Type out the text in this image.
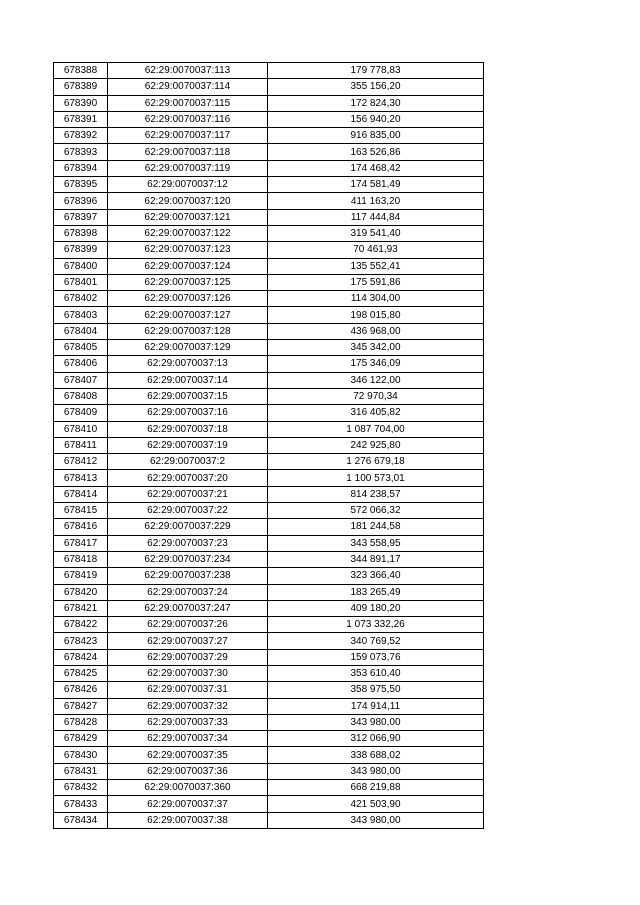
678388	62:29:0070037:113	179 778,83
678389	62:29:0070037:114	355 156,20
678390	62:29:0070037:115	172 824,30
678391	62:29:0070037:116	156 940,20
678392	62:29:0070037:117	916 835,00
678393	62:29:0070037:118	163 526,86
678394	62:29:0070037:119	174 468,42
678395	62:29:0070037:12	174 581,49
678396	62:29:0070037:120	411 163,20
678397	62:29:0070037:121	117 444,84
678398	62:29:0070037:122	319 541,40
678399	62:29:0070037:123	70 461,93
678400	62:29:0070037:124	135 552,41
678401	62:29:0070037:125	175 591,86
678402	62:29:0070037:126	114 304,00
678403	62:29:0070037:127	198 015,80
678404	62:29:0070037:128	436 968,00
678405	62:29:0070037:129	345 342,00
678406	62:29:0070037:13	175 346,09
678407	62:29:0070037:14	346 122,00
678408	62:29:0070037:15	72 970,34
678409	62:29:0070037:16	316 405,82
678410	62:29:0070037:18	1 087 704,00
678411	62:29:0070037:19	242 925,80
678412	62:29:0070037:2	1 276 679,18
678413	62:29:0070037:20	1 100 573,01
678414	62:29:0070037:21	814 238,57
678415	62:29:0070037:22	572 066,32
678416	62:29:0070037:229	181 244,58
678417	62:29:0070037:23	343 558,95
678418	62:29:0070037:234	344 891,17
678419	62:29:0070037:238	323 366,40
678420	62:29:0070037:24	183 265,49
678421	62:29:0070037:247	409 180,20
678422	62:29:0070037:26	1 073 332,26
678423	62:29:0070037:27	340 769,52
678424	62:29:0070037:29	159 073,76
678425	62:29:0070037:30	353 610,40
678426	62:29:0070037:31	358 975,50
678427	62:29:0070037:32	174 914,11
678428	62:29:0070037:33	343 980,00
678429	62:29:0070037:34	312 066,90
678430	62:29:0070037:35	338 688,02
678431	62:29:0070037:36	343 980,00
678432	62:29:0070037:360	668 219,88
678433	62:29:0070037:37	421 503,90
678434	62:29:0070037:38	343 980,00
